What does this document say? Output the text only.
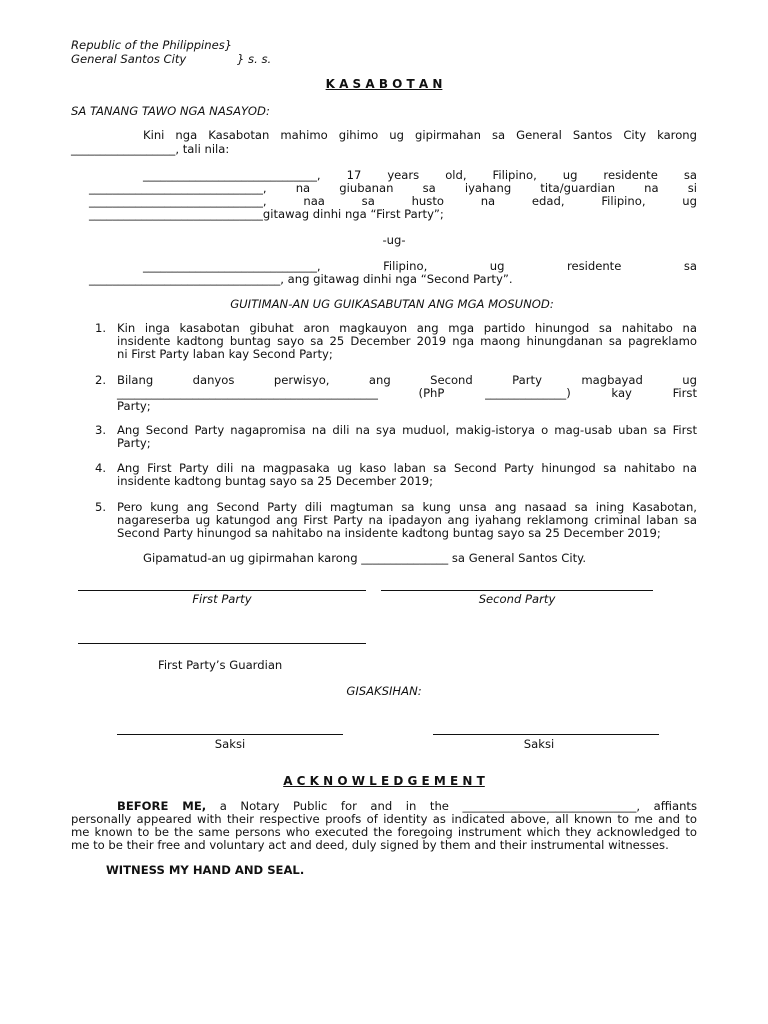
Republic of the Philippines}
General Santos City	} s. s.
K A S A B O T A N
SA TANANG TAWO NGA NASAYOD:
Kini nga Kasabotan mahimo gihimo ug gipirmahan sa General Santos City karong
__________________, tali nila:
______________________________, 17 years old, Filipino, ug residente sa
______________________________, na giubanan sa iyahang tita/guardian na si
______________________________, naa sa husto na edad, Filipino, ug
______________________________gitawag dinhi nga “First Party”;
-ug-
______________________________, Filipino, ug residente sa
_________________________________, ang gitawag dinhi nga “Second Party”.
GUITIMAN-AN UG GUIKASABUTAN ANG MGA MOSUNOD:
1. Kin inga kasabotan gibuhat aron magkauyon ang mga partido hinungod sa nahitabo na
insidente kadtong buntag sayo sa 25 December 2019 nga maong hinungdanan sa pagreklamo
ni First Party laban kay Second Party;
2. Bilang danyos perwisyo, ang Second Party magbayad ug
_____________________________________________ (PhP ______________) kay First
Party;
3. Ang Second Party nagapromisa na dili na sya muduol, makig-istorya o mag-usab uban sa First
Party;
4. Ang First Party dili na magpasaka ug kaso laban sa Second Party hinungod sa nahitabo na
insidente kadtong buntag sayo sa 25 December 2019;
5. Pero kung ang Second Party dili magtuman sa kung unsa ang nasaad sa ining Kasabotan,
nagareserba ug katungod ang First Party na ipadayon ang iyahang reklamong criminal laban sa
Second Party hinungod sa nahitabo na insidente kadtong buntag sayo sa 25 December 2019;
Gipamatud-an ug gipirmahan karong _______________ sa General Santos City.
First Party	Second Party
First Party’s Guardian
GISAKSIHAN:
Saksi	Saksi
A C K N O W L E D G E M E N T
BEFORE ME, a Notary Public for and in the ______________________________, affiants
personally appeared with their respective proofs of identity as indicated above, all known to me and to
me known to be the same persons who executed the foregoing instrument which they acknowledged to
me to be their free and voluntary act and deed, duly signed by them and their instrumental witnesses.
WITNESS MY HAND AND SEAL.
